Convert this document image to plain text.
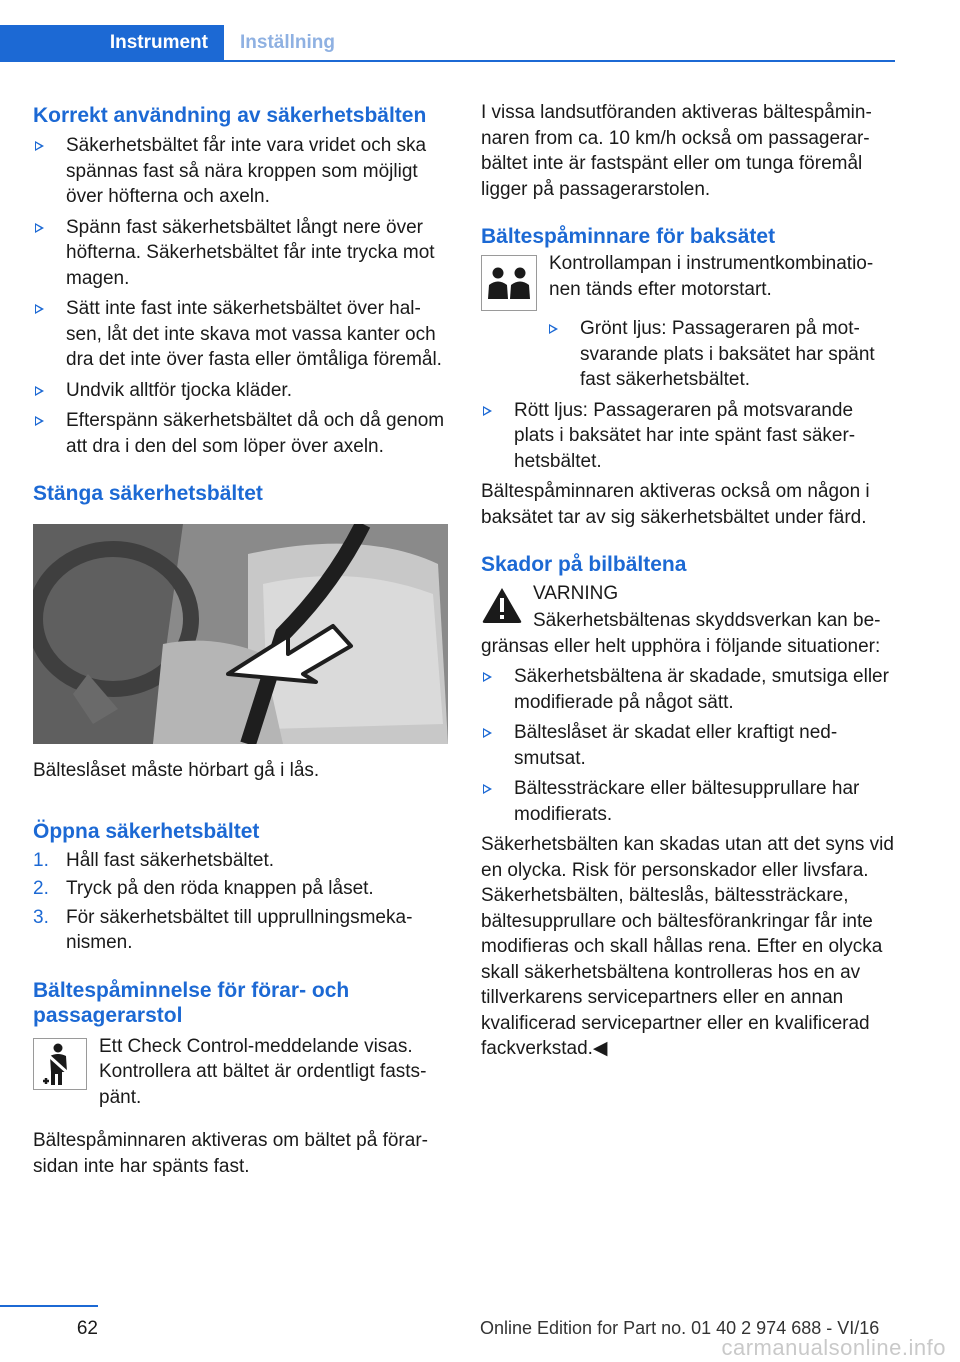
Instrument	Inställning
Korrekt användning av säkerhetsbälten
Säkerhetsbältet får inte vara vridet och ska spännas fast så nära kroppen som möjligt över höfterna och axeln.
Spänn fast säkerhetsbältet långt nere över höfterna. Säkerhetsbältet får inte trycka mot magen.
Sätt inte fast inte säkerhetsbältet över halsen, låt det inte skava mot vassa kanter och dra det inte över fasta eller ömtåliga föremål.
Undvik alltför tjocka kläder.
Efterspänn säkerhetsbältet då och då genom att dra i den del som löper över axeln.
Stänga säkerhetsbältet

Bälteslåset måste hörbart gå i lås.

Öppna säkerhetsbältet
1. Håll fast säkerhetsbältet.
2. Tryck på den röda knappen på låset.
3. För säkerhetsbältet till upprullningsmekanismen.
Bältespåminnelse för förar- och passagerarstol

Ett Check Control-meddelande visas. Kontrollera att bältet är ordentligt fastspänt.

Bältespåminnaren aktiveras om bältet på förarsidan inte har spänts fast.

I vissa landsutföranden aktiveras bältespåminnaren from ca. 10 km/h också om passagerarbältet inte är fastspänt eller om tunga föremål ligger på passagerarstolen.

Bältespåminnare för baksätet

Kontrollampan i instrumentkombinationen tänds efter motorstart.

Grönt ljus: Passageraren på motsvarande plats i baksätet har spänt fast säkerhetsbältet.
Rött ljus: Passageraren på motsvarande plats i baksätet har inte spänt fast säkerhetsbältet.

Bältespåminnaren aktiveras också om någon i baksätet tar av sig säkerhetsbältet under färd.

Skador på bilbältena

VARNING

Säkerhetsbältenas skyddsverkan kan begränsas eller helt upphöra i följande situationer:

Säkerhetsbältena är skadade, smutsiga eller modifierade på något sätt.
Bälteslåset är skadat eller kraftigt nedsmutsat.
Bältessträckare eller bältesupprullare har modifierats.

Säkerhetsbälten kan skadas utan att det syns vid en olycka. Risk för personskador eller livsfara. Säkerhetsbälten, bälteslås, bältessträckare, bältesupprullare och bältesförankringar får inte modifieras och skall hållas rena. Efter en olycka skall säkerhetsbältena kontrolleras hos en av tillverkarens servicepartners eller en annan kvalificerad servicepartner eller en kvalificerad fackverkstad.◀

62	Online Edition for Part no. 01 40 2 974 688 - VI/16
carmanualsonline.info
